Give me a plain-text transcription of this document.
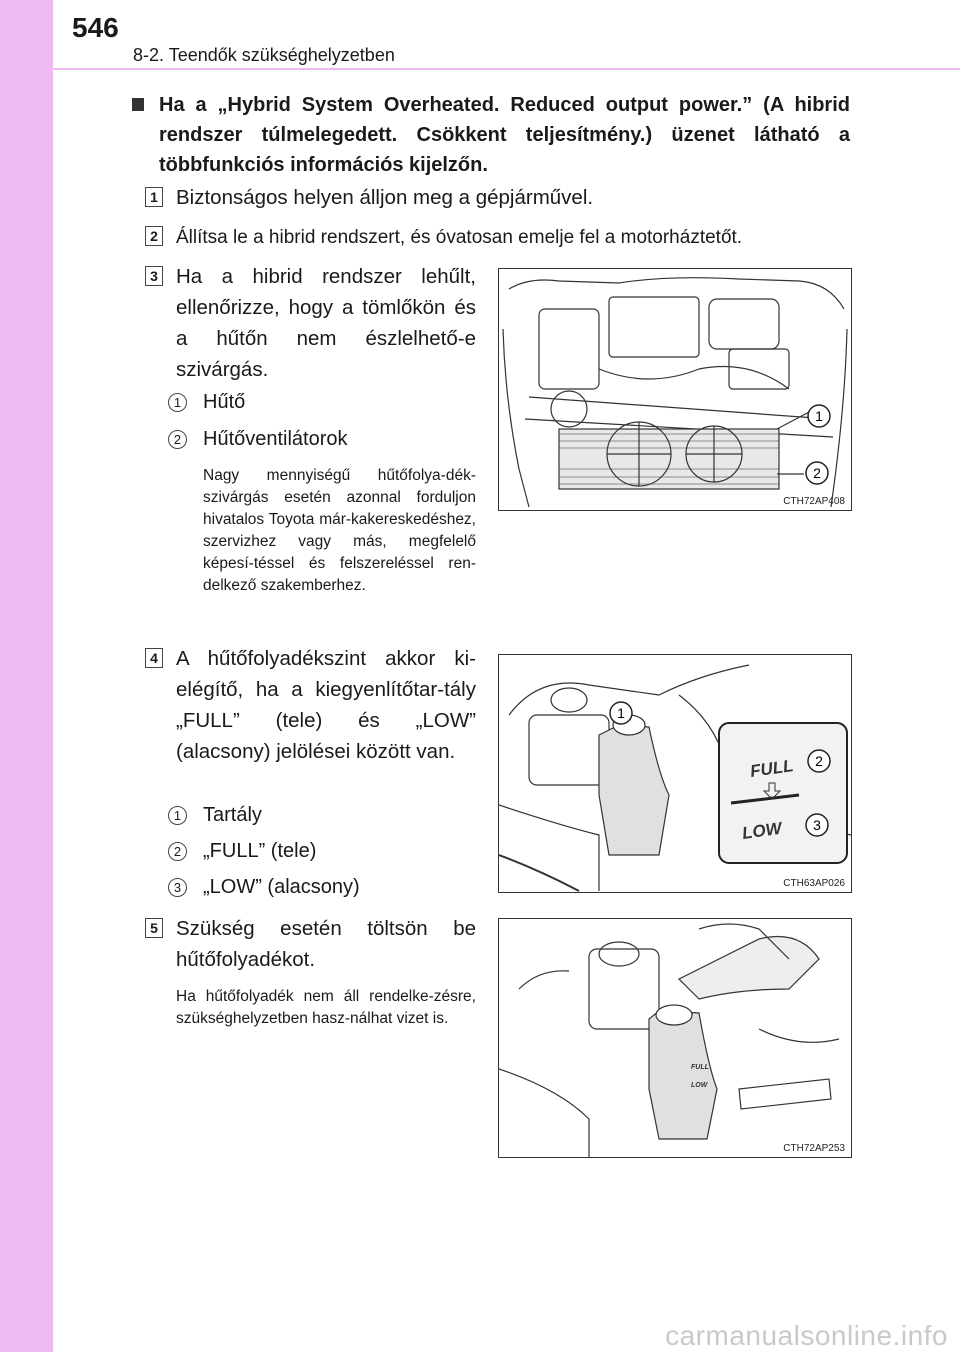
546
8-2. Teendők szükséghelyzetben
Ha a „Hybrid System Overheated. Reduced output power.” (A hibrid rendszer túlmelegedett. Csökkent teljesítmény.) üzenet látható a többfunkciós információs kijelzőn.
1 Biztonságos helyen álljon meg a gépjárművel.
2 Állítsa le a hibrid rendszert, és óvatosan emelje fel a motorháztetőt.
3 Ha a hibrid rendszer lehűlt, ellenőrizze, hogy a tömlőkön és a hűtőn nem észlelhető-e szivárgás.
1 Hűtő
2 Hűtőventilátorok
Nagy mennyiségű hűtőfolya-dék-szivárgás esetén azonnal forduljon hivatalos Toyota már-kakereskedéshez, szervizhez vagy más, megfelelő képesí-téssel és felszereléssel ren-delkező szakemberhez.
4 A hűtőfolyadékszint akkor ki-elégítő, ha a kiegyenlítőtar-tály „FULL” (tele) és „LOW” (alacsony) jelölései között van.
1 Tartály
2 „FULL” (tele)
3 „LOW” (alacsony)
5 Szükség esetén töltsön be hűtőfolyadékot.
Ha hűtőfolyadék nem áll rendelke-zésre, szükséghelyzetben hasz-nálhat vizet is.
1
2
CTH72AP408
FULL
LOW
1
2
3
CTH63AP026
FULL
LOW
CTH72AP253
carmanualsonline.info
